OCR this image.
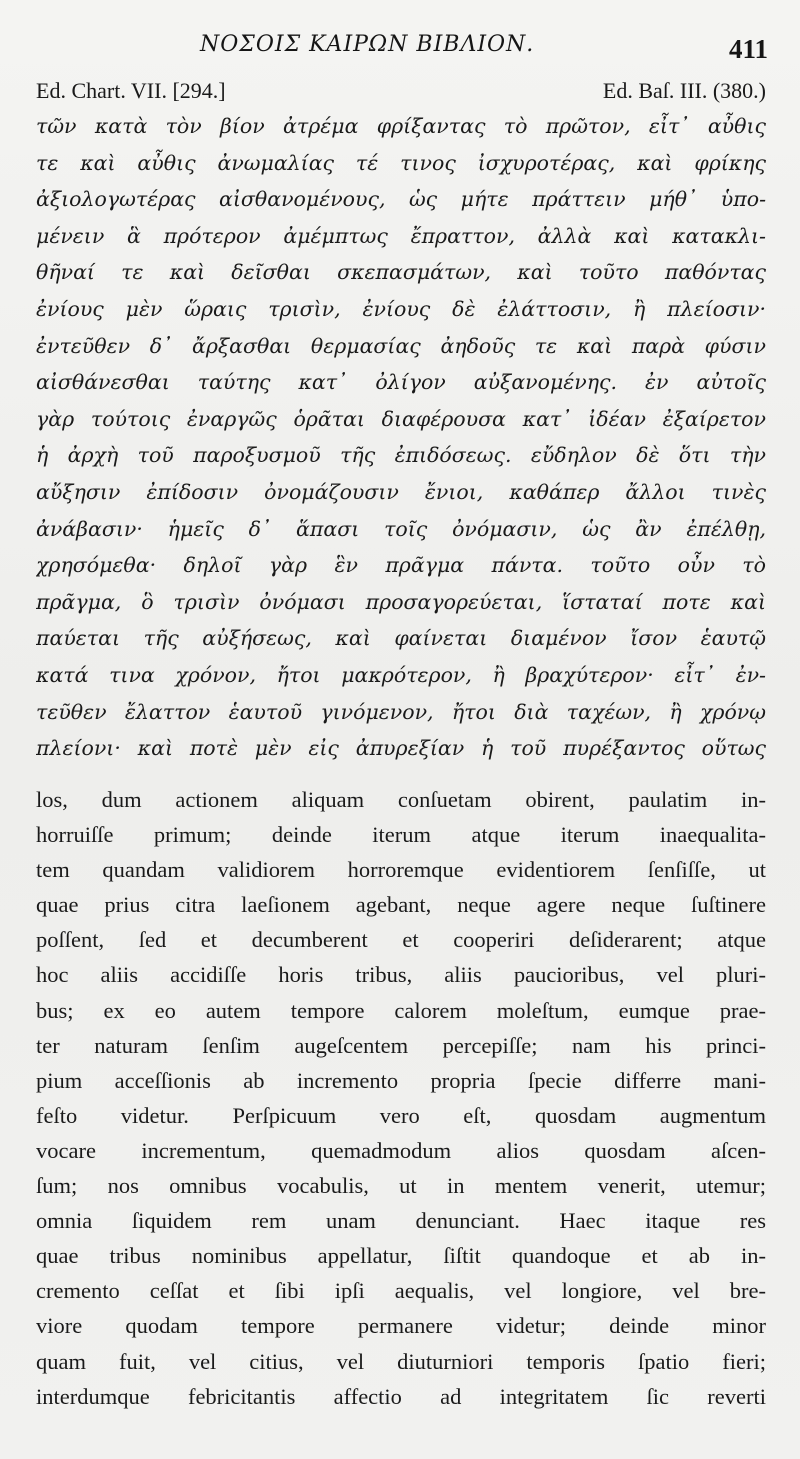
ΝΟΣΟΙΣ ΚΑΙΡΩΝ ΒΙΒΛΙΟΝ.	411
Ed. Chart. VII. [294.]	Ed. Baſ. III. (380.)
τῶν κατὰ τὸν βίον ἀτρέμα φρίξαντας τὸ πρῶτον, εἶτ᾽ αὖθις
τε καὶ αὖθις ἀνωμαλίας τέ τινος ἰσχυροτέρας, καὶ φρίκης
ἀξιολογωτέρας αἰσθανομένους, ὡς μήτε πράττειν μήθ᾽ ὑπο-
μένειν ἃ πρότερον ἀμέμπτως ἔπραττον, ἀλλὰ καὶ κατακλι-
θῆναί τε καὶ δεῖσθαι σκεπασμάτων, καὶ τοῦτο παθόντας
ἐνίους μὲν ὥραις τρισὶν, ἐνίους δὲ ἐλάττοσιν, ἢ πλείοσιν·
ἐντεῦθεν δ᾽ ἄρξασθαι θερμασίας ἀηδοῦς τε καὶ παρὰ φύσιν
αἰσθάνεσθαι ταύτης κατ᾽ ὀλίγον αὐξανομένης. ἐν αὐτοῖς
γὰρ τούτοις ἐναργῶς ὁρᾶται διαφέρουσα κατ᾽ ἰδέαν ἐξαίρετον
ἡ ἀρχὴ τοῦ παροξυσμοῦ τῆς ἐπιδόσεως. εὔδηλον δὲ ὅτι τὴν
αὔξησιν ἐπίδοσιν ὀνομάζουσιν ἔνιοι, καθάπερ ἄλλοι τινὲς
ἀνάβασιν· ἡμεῖς δ᾽ ἅπασι τοῖς ὀνόμασιν, ὡς ἂν ἐπέλθῃ,
χρησόμεθα· δηλοῖ γὰρ ἓν πρᾶγμα πάντα. τοῦτο οὖν τὸ
πρᾶγμα, ὃ τρισὶν ὀνόμασι προσαγορεύεται, ἵσταταί ποτε καὶ
παύεται τῆς αὐξήσεως, καὶ φαίνεται διαμένον ἴσον ἑαυτῷ
κατά τινα χρόνον, ἤτοι μακρότερον, ἢ βραχύτερον· εἶτ᾽ ἐν-
τεῦθεν ἔλαττον ἑαυτοῦ γινόμενον, ἤτοι διὰ ταχέων, ἢ χρόνῳ
πλείονι· καὶ ποτὲ μὲν εἰς ἀπυρεξίαν ἡ τοῦ πυρέξαντος οὕτως
los, dum actionem aliquam conſuetam obirent, paulatim in-
horruiſſe primum; deinde iterum atque iterum inaequalita-
tem quandam validiorem horroremque evidentiorem ſenſiſſe, ut
quae prius citra laeſionem agebant, neque agere neque ſuſtinere
poſſent, ſed et decumberent et cooperiri deſiderarent; atque
hoc aliis accidiſſe horis tribus, aliis paucioribus, vel pluri-
bus; ex eo autem tempore calorem moleſtum, eumque prae-
ter naturam ſenſim augeſcentem percepiſſe; nam his princi-
pium acceſſionis ab incremento propria ſpecie differre mani-
feſto videtur. Perſpicuum vero eſt, quosdam augmentum
vocare incrementum, quemadmodum alios quosdam aſcen-
ſum; nos omnibus vocabulis, ut in mentem venerit, utemur;
omnia ſiquidem rem unam denunciant. Haec itaque res
quae tribus nominibus appellatur, ſiſtit quandoque et ab in-
cremento ceſſat et ſibi ipſi aequalis, vel longiore, vel bre-
viore quodam tempore permanere videtur; deinde minor
quam fuit, vel citius, vel diuturniori temporis ſpatio fieri;
interdumque febricitantis affectio ad integritatem ſic reverti
